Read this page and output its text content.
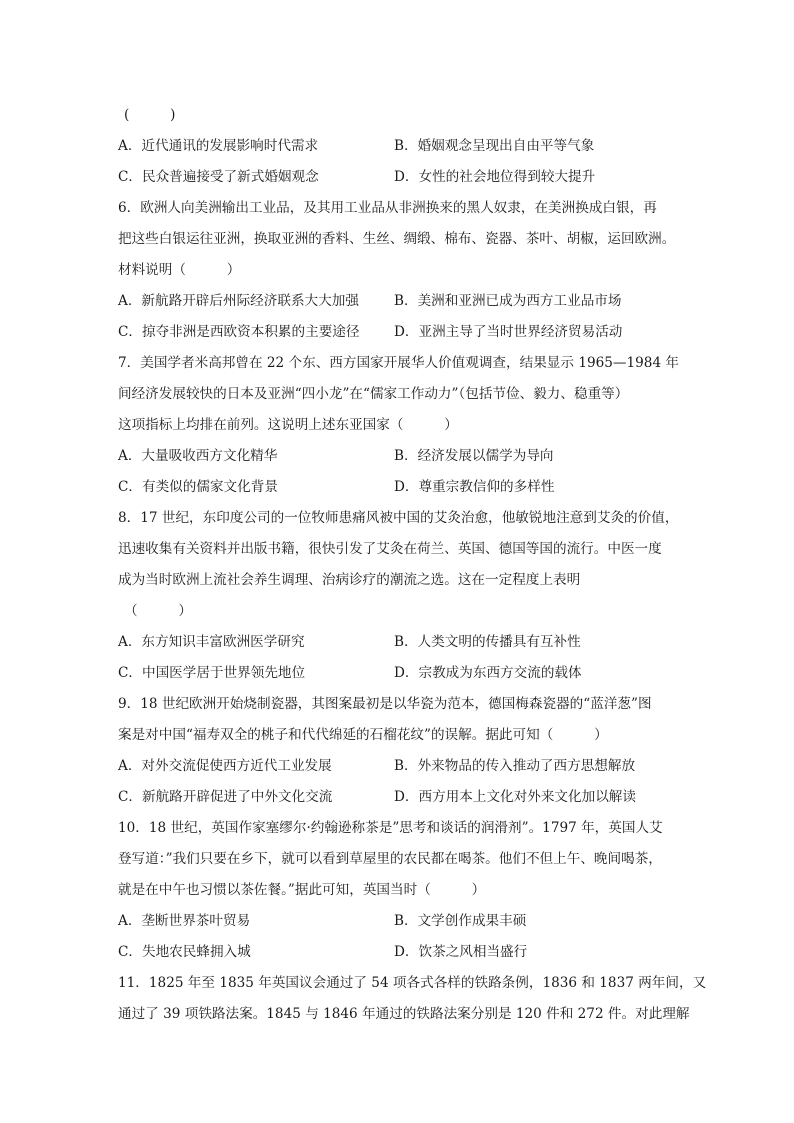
(　　　)
A．近代通讯的发展影响时代需求	B．婚姻观念呈现出自由平等气象
C．民众普遍接受了新式婚姻观念	D．女性的社会地位得到较大提升
6．欧洲人向美洲输出工业品，及其用工业品从非洲换来的黑人奴隶，在美洲换成白银，再
把这些白银运往亚洲，换取亚洲的香料、生丝、绸缎、棉布、瓷器、茶叶、胡椒，运回欧洲。
材料说明（　　　）
A．新航路开辟后州际经济联系大大加强	B．美洲和亚洲已成为西方工业品市场
C．掠夺非洲是西欧资本积累的主要途径	D．亚洲主导了当时世界经济贸易活动
7．美国学者米高邦曾在 22 个东、西方国家开展华人价值观调查，结果显示 1965—1984 年
间经济发展较快的日本及亚洲“四小龙”在“儒家工作动力”（包括节俭、毅力、稳重等）
这项指标上均排在前列。这说明上述东亚国家（　　　）
A．大量吸收西方文化精华	B．经济发展以儒学为导向
C．有类似的儒家文化背景	D．尊重宗教信仰的多样性
8．17 世纪，东印度公司的一位牧师患痛风被中国的艾灸治愈，他敏锐地注意到艾灸的价值，
迅速收集有关资料并出版书籍，很快引发了艾灸在荷兰、英国、德国等国的流行。中医一度
成为当时欧洲上流社会养生调理、治病诊疗的潮流之选。这在一定程度上表明
（　　　）
A．东方知识丰富欧洲医学研究	B．人类文明的传播具有互补性
C．中国医学居于世界领先地位	D．宗教成为东西方交流的载体
9．18 世纪欧洲开始烧制瓷器，其图案最初是以华瓷为范本，德国梅森瓷器的“蓝洋葱”图
案是对中国“福寿双全的桃子和代代绵延的石榴花纹”的误解。据此可知（　　　）
A．对外交流促使西方近代工业发展	B．外来物品的传入推动了西方思想解放
C．新航路开辟促进了中外文化交流	D．西方用本上文化对外来文化加以解读
10．18 世纪，英国作家塞缪尔·约翰逊称茶是”思考和谈话的润滑剂”。1797 年，英国人艾
登写道：”我们只要在乡下，就可以看到草屋里的农民都在喝茶。他们不但上午、晚间喝茶，
就是在中午也习惯以茶佐餐。”据此可知，英国当时（　　　）
A．垄断世界茶叶贸易	B．文学创作成果丰硕
C．失地农民蜂拥入城	D．饮茶之风相当盛行
11．1825 年至 1835 年英国议会通过了 54 项各式各样的铁路条例，1836 和 1837 两年间，又
通过了 39 项铁路法案。1845 与 1846 年通过的铁路法案分别是 120 件和 272 件。对此理解
